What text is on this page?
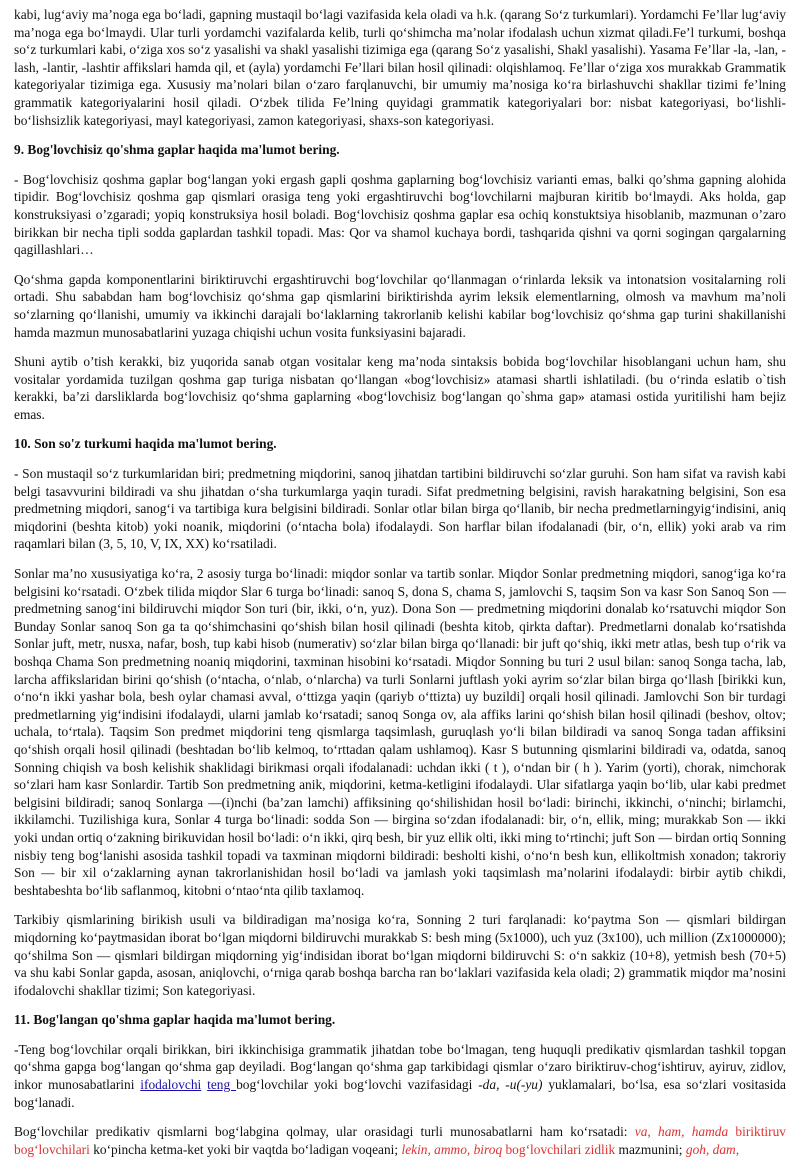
kabi, lug‘aviy ma’noga ega bo‘ladi, gapning mustaqil bo‘lagi vazifasida kela oladi va h.k. (qarang So‘z turkumlari). Yordamchi Fe’llar lug‘aviy ma’noga ega bo‘lmaydi. Ular turli yordamchi vazifalarda kelib, turli qo‘shimcha ma’nolar ifodalash uchun xizmat qiladi.Fe’l turkumi, boshqa so‘z turkumlari kabi, o‘ziga xos so‘z yasalishi va shakl yasalishi tizimiga ega (qarang So‘z yasalishi, Shakl yasalishi). Yasama Fe’llar -la, -lan, -lash, -lantir, -lashtir affikslari hamda qil, et (ayla) yordamchi Fe’llari bilan hosil qilinadi: olqishlamoq. Fe’llar o‘ziga xos murakkab Grammatik kategoriyalar tizimiga ega. Xususiy ma’nolari bilan o‘zaro farqlanuvchi, bir umumiy ma’nosiga ko‘ra birlashuvchi shakllar tizimi fe’lning grammatik kategoriyalarini hosil qiladi. O‘zbek tilida Fe’lning quyidagi grammatik kategoriyalari bor: nisbat kategoriyasi, bo‘lishli-bo‘lishsizlik kategoriyasi, mayl kategoriyasi, zamon kategoriyasi, shaxs-son kategoriyasi.

9. Bog'lovchisiz qo'shma gaplar haqida ma'lumot bering.

- Bog‘lovchisiz qoshma gaplar bog‘langan yoki ergash gapli qoshma gaplarning bog‘lovchisiz varianti emas, balki qo’shma gapning alohida tipidir. Bog‘lovchisiz qoshma gap qismlari orasiga teng yoki ergashtiruvchi bog‘lovchilarni majburan kiritib bo‘lmaydi. Aks holda, gap konstruksiyasi o’zgaradi; yopiq konstruksiya hosil boladi. Bog‘lovchisiz qoshma gaplar esa ochiq konstuktsiya hisoblanib, mazmunan o’zaro birikkan bir necha tipli sodda gaplardan tashkil topadi. Mas: Qor va shamol kuchaya bordi, tashqarida qishni va qorni sogingan qargalarning qagillashlari…

Qo‘shma gapda komponentlarini biriktiruvchi ergashtiruvchi bog‘lovchilar qo‘llanmagan o‘rinlarda leksik va intonatsion vositalarning roli ortadi. Shu sababdan ham bog‘lovchisiz qo‘shma gap qismlarini biriktirishda ayrim leksik elementlarning, olmosh va mavhum ma’noli so‘zlarning qo‘llanishi, umumiy va ikkinchi darajali bo‘laklarning takrorlanib kelishi kabilar bog‘lovchisiz qo‘shma gap turini shakillanishi hamda mazmun munosabatlarini yuzaga chiqishi uchun vosita funksiyasini bajaradi.

Shuni aytib o’tish kerakki, biz yuqorida sanab otgan vositalar keng ma’noda sintaksis bobida bog‘lovchilar hisoblangani uchun ham, shu vositalar yordamida tuzilgan qoshma gap turiga nisbatan qo‘llangan «bog‘lovchisiz» atamasi shartli ishlatiladi. (bu o‘rinda eslatib o`tish kerakki, ba’zi darsliklarda bog‘lovchisiz qo‘shma gaplarning «bog‘lovchisiz bog‘langan qo`shma gap» atamasi ostida yuritilishi ham bejiz emas.

10. Son so'z turkumi haqida ma'lumot bering.

- Son mustaqil so‘z turkumlaridan biri; predmetning miqdorini, sanoq jihatdan tartibini bildiruvchi so‘zlar guruhi. Son ham sifat va ravish kabi belgi tasavvurini bildiradi va shu jihatdan o‘sha turkumlarga yaqin turadi. Sifat predmetning belgisini, ravish harakatning belgisini, Son esa predmetning miqdori, sanog‘i va tartibiga kura belgisini bildiradi. Sonlar otlar bilan birga qo‘llanib, bir necha predmetlarningyig‘indisini, aniq miqdorini (beshta kitob) yoki noanik, miqdorini (o‘ntacha bola) ifodalaydi. Son harflar bilan ifodalanadi (bir, o‘n, ellik) yoki arab va rim raqamlari bilan (3, 5, 10, V, IX, XX) ko‘rsatiladi.

Sonlar ma’no xususiyatiga ko‘ra, 2 asosiy turga bo‘linadi: miqdor sonlar va tartib sonlar. Miqdor Sonlar predmetning miqdori, sanog‘iga ko‘ra belgisini ko‘rsatadi. O‘zbek tilida miqdor Slar 6 turga bo‘linadi: sanoq S, dona S, chama S, jamlovchi S, taqsim Son va kasr Son Sanoq Son — predmetning sanog‘ini bildiruvchi miqdor Son turi (bir, ikki, o‘n, yuz). Dona Son — predmetning miqdorini donalab ko‘rsatuvchi miqdor Son Bunday Sonlar sanoq Son ga ta qo‘shimchasini qo‘shish bilan hosil qilinadi (beshta kitob, qirkta daftar). Predmetlarni donalab ko‘rsatishda Sonlar juft, metr, nusxa, nafar, bosh, tup kabi hisob (numerativ) so‘zlar bilan birga qo‘llanadi: bir juft qo‘shiq, ikki metr atlas, besh tup o‘rik va boshqa Chama Son predmetning noaniq miqdorini, taxminan hisobini ko‘rsatadi. Miqdor Sonning bu turi 2 usul bilan: sanoq Songa tacha, lab, larcha affikslaridan birini qo‘shish (o‘ntacha, o‘nlab, o‘nlarcha) va turli Sonlarni juftlash yoki ayrim so‘zlar bilan birga qo‘llash [birikki kun, o‘no‘n ikki yashar bola, besh oylar chamasi avval, o‘ttizga yaqin (qariyb o‘ttizta) uy buzildi] orqali hosil qilinadi. Jamlovchi Son bir turdagi predmetlarning yig‘indisini ifodalaydi, ularni jamlab ko‘rsatadi; sanoq Songa ov, ala affiks larini qo‘shish bilan hosil qilinadi (beshov, oltov; uchala, to‘rtala). Taqsim Son predmet miqdorini teng qismlarga taqsimlash, guruqlash yo‘li bilan bildiradi va sanoq Songa tadan affiksini qo‘shish orqali hosil qilinadi (beshtadan bo‘lib kelmoq, to‘rttadan qalam ushlamoq). Kasr S butunning qismlarini bildiradi va, odatda, sanoq Sonning chiqish va bosh kelishik shaklidagi birikmasi orqali ifodalanadi: uchdan ikki ( t ), o‘ndan bir ( h ). Yarim (yorti), chorak, nimchorak so‘zlari ham kasr Sonlardir. Tartib Son predmetning anik, miqdorini, ketma-ketligini ifodalaydi. Ular sifatlarga yaqin bo‘lib, ular kabi predmet belgisini bildiradi; sanoq Sonlarga —(i)nchi (ba’zan lamchi) affiksining qo‘shilishidan hosil bo‘ladi: birinchi, ikkinchi, o‘ninchi; birlamchi, ikkilamchi. Tuzilishiga kura, Sonlar 4 turga bo‘linadi: sodda Son — birgina so‘zdan ifodalanadi: bir, o‘n, ellik, ming; murakkab Son — ikki yoki undan ortiq o‘zakning birikuvidan hosil bo‘ladi: o‘n ikki, qirq besh, bir yuz ellik olti, ikki ming to‘rtinchi; juft Son — birdan ortiq Sonning nisbiy teng bog‘lanishi asosida tashkil topadi va taxminan miqdorni bildiradi: besholti kishi, o‘no‘n besh kun, ellikoltmish xonadon; takroriy Son — bir xil o‘zaklarning aynan takrorlanishidan hosil bo‘ladi va jamlash yoki taqsimlash ma’nolarini ifodalaydi: birbir aytib chikdi, beshtabeshta bo‘lib saflanmoq, kitobni o‘ntao‘nta qilib taxlamoq.

Tarkibiy qismlarining birikish usuli va bildiradigan ma’nosiga ko‘ra, Sonning 2 turi farqlanadi: ko‘paytma Son — qismlari bildirgan miqdorning ko‘paytmasidan iborat bo‘lgan miqdorni bildiruvchi murakkab S: besh ming (5x1000), uch yuz (3x100), uch million (Zx1000000); qo‘shilma Son — qismlari bildirgan miqdorning yig‘indisidan iborat bo‘lgan miqdorni bildiruvchi S: o‘n sakkiz (10+8), yetmish besh (70+5) va shu kabi Sonlar gapda, asosan, aniqlovchi, o‘rniga qarab boshqa barcha ran bo‘laklari vazifasida kela oladi; 2) grammatik miqdor ma’nosini ifodalovchi shakllar tizimi; Son kategoriyasi.

11. Bog'langan qo'shma gaplar haqida ma'lumot bering.

-Teng bog‘lovchilar orqali birikkan, biri ikkinchisiga grammatik jihatdan tobe bo‘lmagan, teng huquqli predikativ qismlardan tashkil topgan qo‘shma gapga bog‘langan qo‘shma gap deyiladi. Bog‘langan qo‘shma gap tarkibidagi qismlar o‘zaro biriktiruv-chog‘ishtiruv, ayiruv, zidlov, inkor munosabatlarini ifodalovchi teng bog‘lovchilar yoki bog‘lovchi vazifasidagi -da, -u(-yu) yuklamalari, bo‘lsa, esa so‘zlari vositasida bog‘lanadi.

Bog‘lovchilar predikativ qismlarni bog‘labgina qolmay, ular orasidagi turli munosabatlarni ham ko‘rsatadi: va, ham, hamda biriktiruv bog‘lovchilari ko‘pincha ketma-ket yoki bir vaqtda bo‘ladigan voqeani; lekin, ammo, biroq bog‘lovchilari zidlik mazmunini; goh, dam,
